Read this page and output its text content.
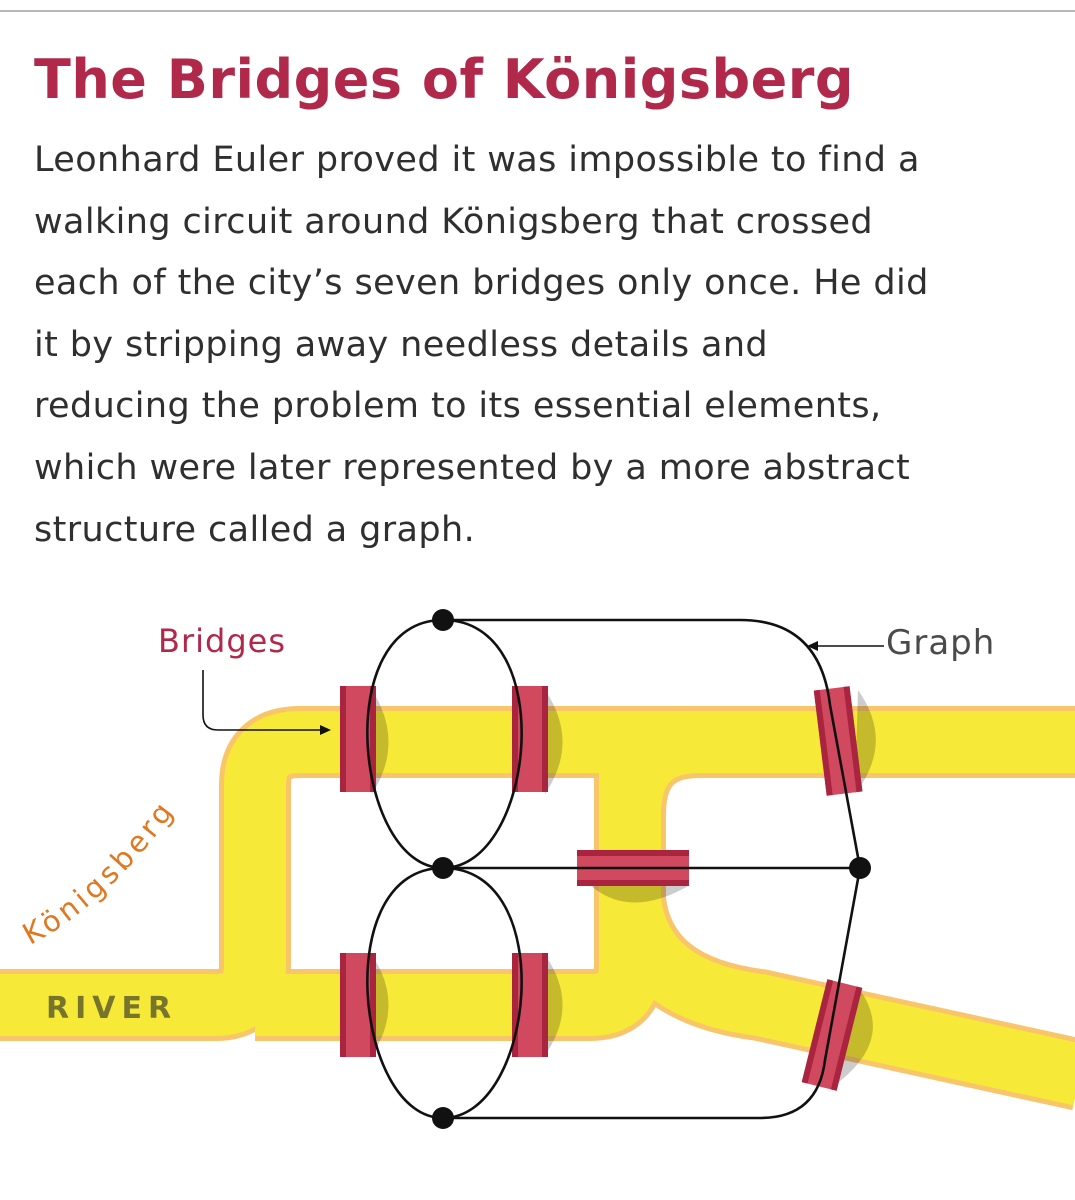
The Bridges of Königsberg
Leonhard Euler proved it was impossible to find a
walking circuit around Königsberg that crossed
each of the city’s seven bridges only once. He did
it by stripping away needless details and
reducing the problem to its essential elements,
which were later represented by a more abstract
structure called a graph.
Bridges	Graph
RIVER
Königsberg
